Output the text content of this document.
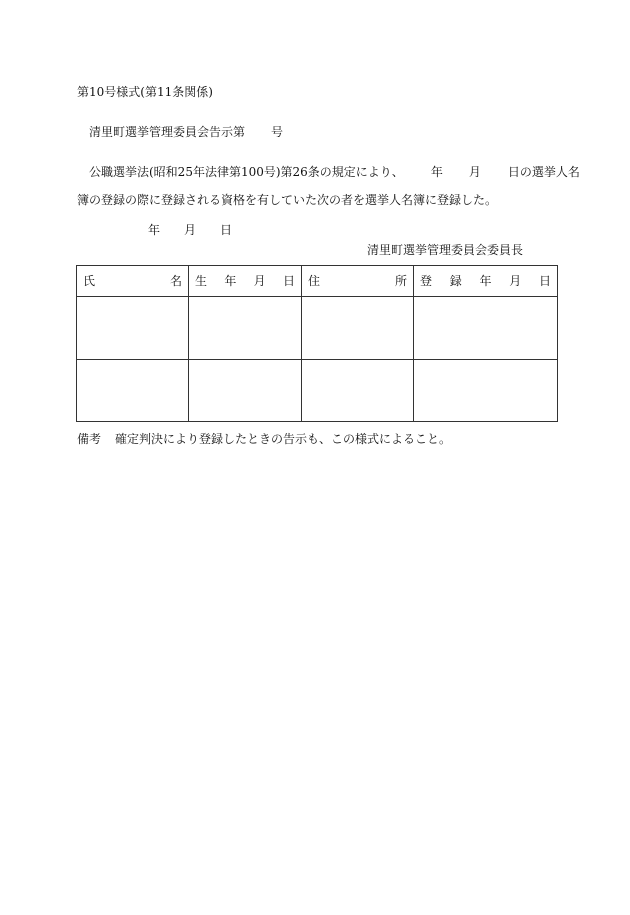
第10号様式(第11条関係)
清里町選挙管理委員会告示第 号
公職選挙法(昭和25年法律第100号)第26条の規定により、 年 月 日の選挙人名
簿の登録の際に登録される資格を有していた次の者を選挙人名簿に登録した。
年 月 日
清里町選挙管理委員会委員長
氏 名	生 年 月 日	住 所	登 録 年 月 日

備考 確定判決により登録したときの告示も、この様式によること。
